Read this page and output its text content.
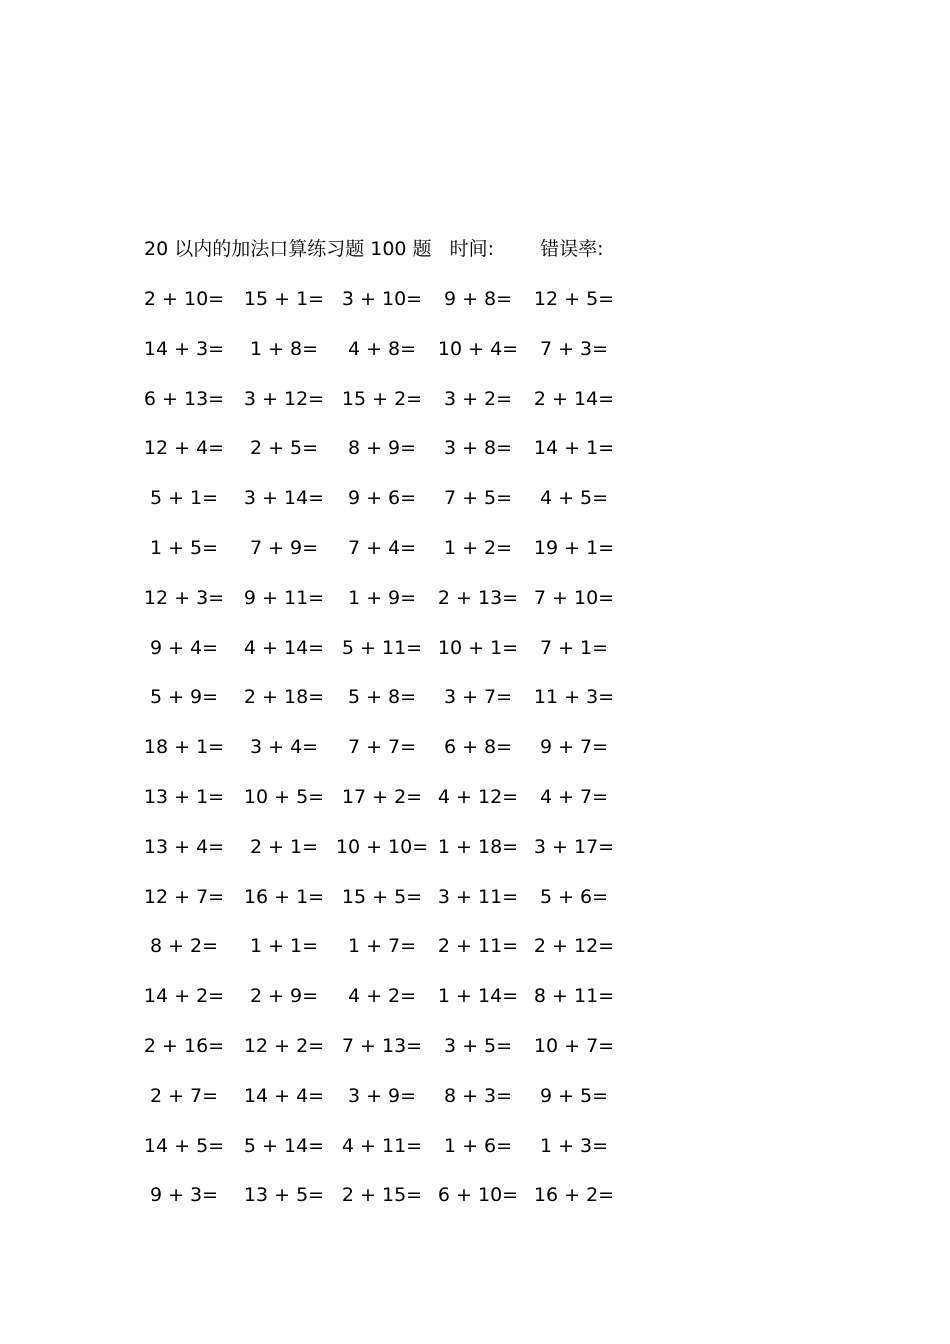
20 以内的加法口算练习题 100 题 时间: 错误率:
2 + 10=	15 + 1= 3 + 10=	9 + 8=	12 + 5=
14 + 3=	1 + 8=	4 + 8=	10 + 4=	7 + 3=
6 + 13=	3 + 12= 15 + 2=	3 + 2=	2 + 14=
12 + 4=	2 + 5=	8 + 9=	3 + 8=	14 + 1=
5 + 1=	3 + 14=	9 + 6=	7 + 5=	4 + 5=
1 + 5=	7 + 9=	7 + 4=	1 + 2=	19 + 1=
12 + 3=	9 + 11=	1 + 9=	2 + 13= 7 + 10=
9 + 4=	4 + 14= 5 + 11= 10 + 1=	7 + 1=
5 + 9=	2 + 18=	5 + 8=	3 + 7=	11 + 3=
18 + 1=	3 + 4=	7 + 7=	6 + 8=	9 + 7=
13 + 1=	10 + 5= 17 + 2= 4 + 12=	4 + 7=
13 + 4=	2 + 1= 10 + 10= 1 + 18= 3 + 17=
12 + 7=	16 + 1= 15 + 5= 3 + 11=	5 + 6=
8 + 2=	1 + 1=	1 + 7=	2 + 11= 2 + 12=
14 + 2=	2 + 9=	4 + 2=	1 + 14= 8 + 11=
2 + 16=	12 + 2= 7 + 13=	3 + 5=	10 + 7=
2 + 7=	14 + 4=	3 + 9=	8 + 3=	9 + 5=
14 + 5=	5 + 14= 4 + 11=	1 + 6=	1 + 3=
9 + 3=	13 + 5= 2 + 15= 6 + 10= 16 + 2=
